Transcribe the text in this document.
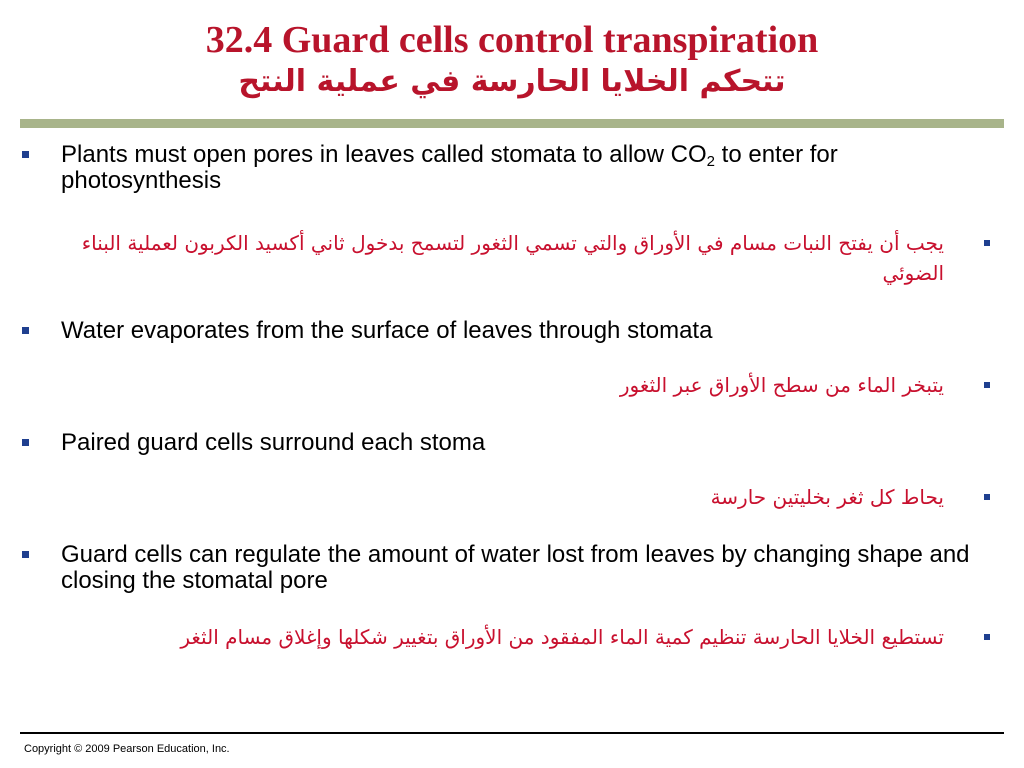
32.4 Guard cells control transpiration
تتحكم الخلايا الحارسة في عملية النتح
Plants must open pores in leaves called stomata to allow $CO_2$ to enter for photosynthesis
يجب أن يفتح النبات مسام في الأوراق والتي تسمي الثغور لتسمح بدخول ثاني أكسيد الكربون لعملية البناء الضوئي
Water evaporates from the surface of leaves through stomata
يتبخر الماء من سطح الأوراق عبر الثغور
Paired guard cells surround each stoma
يحاط كل ثغر بخليتين حارسة
Guard cells can regulate the amount of water lost from leaves by changing shape and closing the stomatal pore
تستطيع الخلايا الحارسة تنظيم كمية الماء المفقود من الأوراق بتغيير شكلها وإغلاق مسام الثغر
Copyright © 2009 Pearson Education, Inc.
